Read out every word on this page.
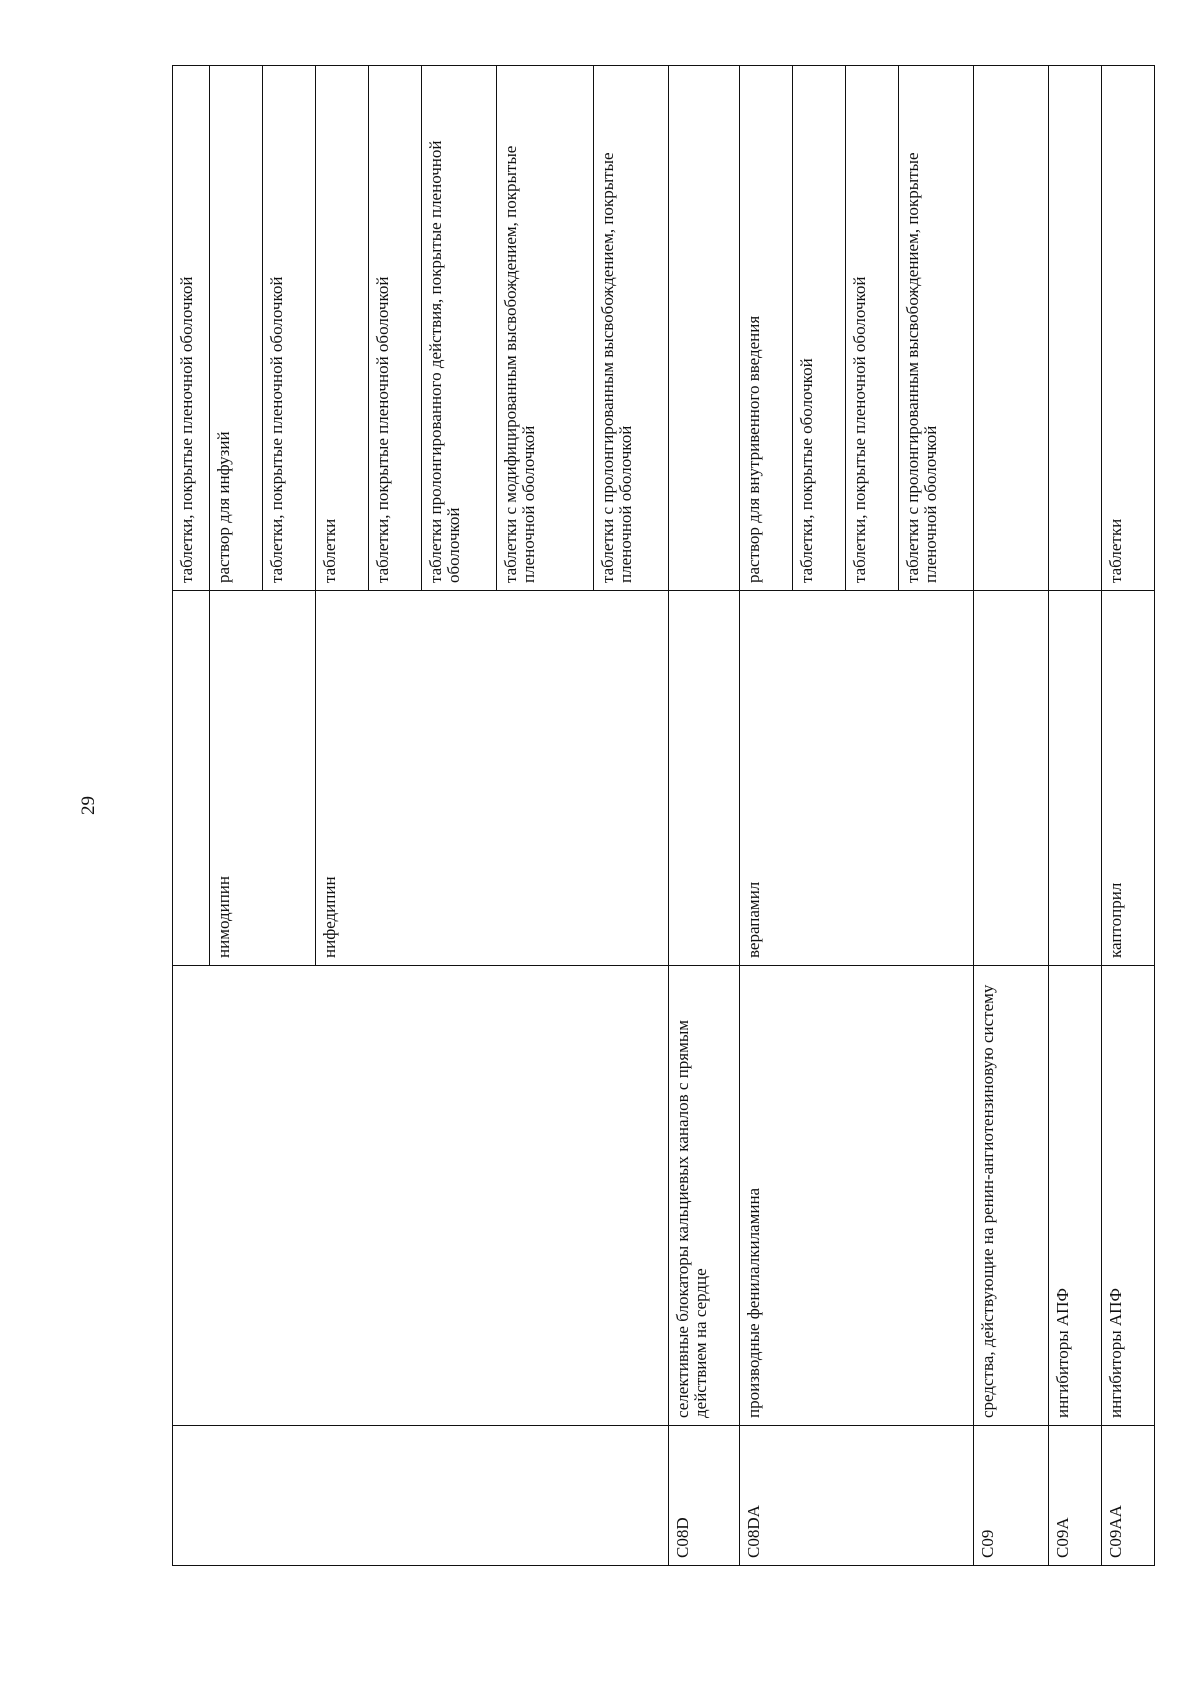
29
			таблетки, покрытые пленочной оболочкой
		нимодипин	раствор для инфузий
			таблетки, покрытые пленочной оболочкой
		нифедипин	таблетки
			таблетки, покрытые пленочной оболочкой
			таблетки пролонгированного действия, покрытые пленочной оболочкой
			таблетки с модифицированным высвобождением, покрытые пленочной оболочкой
			таблетки с пролонгированным высвобождением, покрытые пленочной оболочкой
C08D	селективные блокаторы кальциевых каналов с прямым действием на сердце		
C08DA	производные фенилалкиламина	верапамил	раствор для внутривенного введения
			таблетки, покрытые оболочкой
			таблетки, покрытые пленочной оболочкой
			таблетки с пролонгированным высвобождением, покрытые пленочной оболочкой
C09	средства, действующие на ренин-ангиотензиновую систему		
C09A	ингибиторы АПФ		
C09AA	ингибиторы АПФ	каптоприл	таблетки
